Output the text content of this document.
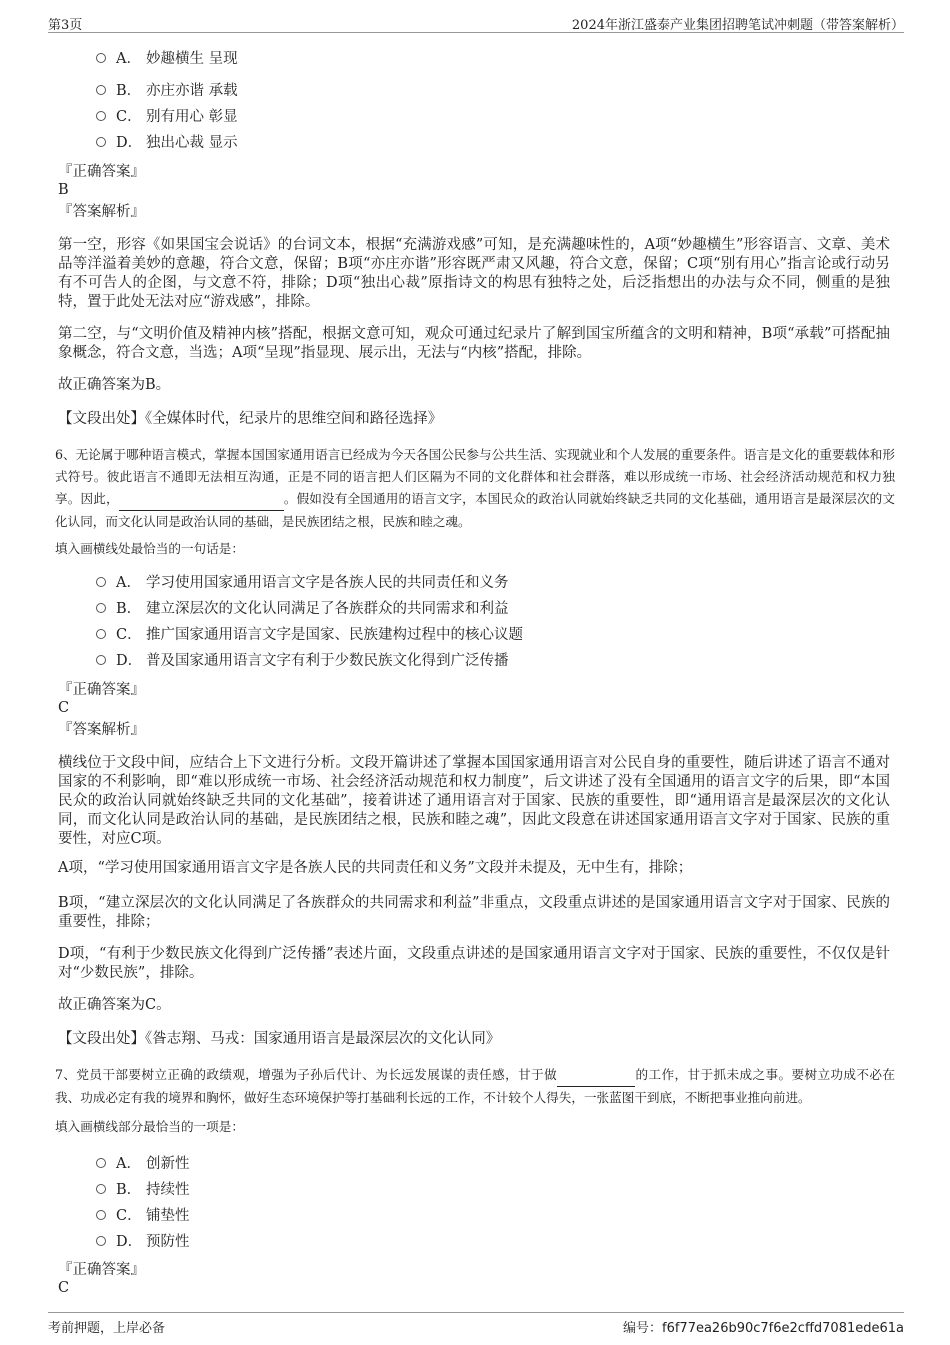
第3页	2024年浙江盛泰产业集团招聘笔试冲刺题（带答案解析）
A． 妙趣横生 呈现
B． 亦庄亦谐 承载
C． 别有用心 彰显
D． 独出心裁 显示
『正确答案』
B
『答案解析』
第一空，形容《如果国宝会说话》的台词文本，根据“充满游戏感”可知，是充满趣味性的，A项“妙趣横生”形容语言、文章、美术品等洋溢着美妙的意趣，符合文意，保留；B项“亦庄亦谐”形容既严肃又风趣，符合文意，保留；C项“别有用心”指言论或行动另有不可告人的企图，与文意不符，排除；D项“独出心裁”原指诗文的构思有独特之处，后泛指想出的办法与众不同，侧重的是独特，置于此处无法对应“游戏感”，排除。
第二空，与“文明价值及精神内核”搭配，根据文意可知，观众可通过纪录片了解到国宝所蕴含的文明和精神，B项“承载”可搭配抽象概念，符合文意，当选；A项“呈现”指显现、展示出，无法与“内核”搭配，排除。
故正确答案为B。
【文段出处】《全媒体时代，纪录片的思维空间和路径选择》
6、无论属于哪种语言模式，掌握本国国家通用语言已经成为今天各国公民参与公共生活、实现就业和个人发展的重要条件。语言是文化的重要载体和形式符号。彼此语言不通即无法相互沟通，正是不同的语言把人们区隔为不同的文化群体和社会群落，难以形成统一市场、社会经济活动规范和权力独享。因此，	。假如没有全国通用的语言文字，本国民众的政治认同就始终缺乏共同的文化基础，通用语言是最深层次的文化认同，而文化认同是政治认同的基础，是民族团结之根，民族和睦之魂。
填入画横线处最恰当的一句话是：
A． 学习使用国家通用语言文字是各族人民的共同责任和义务
B． 建立深层次的文化认同满足了各族群众的共同需求和利益
C． 推广国家通用语言文字是国家、民族建构过程中的核心议题
D． 普及国家通用语言文字有利于少数民族文化得到广泛传播
『正确答案』
C
『答案解析』
横线位于文段中间，应结合上下文进行分析。文段开篇讲述了掌握本国国家通用语言对公民自身的重要性，随后讲述了语言不通对国家的不利影响，即“难以形成统一市场、社会经济活动规范和权力制度”，后文讲述了没有全国通用的语言文字的后果，即“本国民众的政治认同就始终缺乏共同的文化基础”，接着讲述了通用语言对于国家、民族的重要性，即“通用语言是最深层次的文化认同，而文化认同是政治认同的基础，是民族团结之根，民族和睦之魂”，因此文段意在讲述国家通用语言文字对于国家、民族的重要性，对应C项。
A项，“学习使用国家通用语言文字是各族人民的共同责任和义务”文段并未提及，无中生有，排除；
B项，“建立深层次的文化认同满足了各族群众的共同需求和利益”非重点，文段重点讲述的是国家通用语言文字对于国家、民族的重要性，排除；
D项，“有利于少数民族文化得到广泛传播”表述片面，文段重点讲述的是国家通用语言文字对于国家、民族的重要性，不仅仅是针对“少数民族”，排除。
故正确答案为C。
【文段出处】《昝志翔、马戎：国家通用语言是最深层次的文化认同》
7、党员干部要树立正确的政绩观，增强为子孙后代计、为长远发展谋的责任感，甘于做	的工作，甘于抓未成之事。要树立功成不必在我、功成必定有我的境界和胸怀，做好生态环境保护等打基础利长远的工作，不计较个人得失，一张蓝图干到底，不断把事业推向前进。
填入画横线部分最恰当的一项是：
A． 创新性
B． 持续性
C． 铺垫性
D． 预防性
『正确答案』
C
考前押题，上岸必备	编号：f6f77ea26b90c7f6e2cffd7081ede61a
